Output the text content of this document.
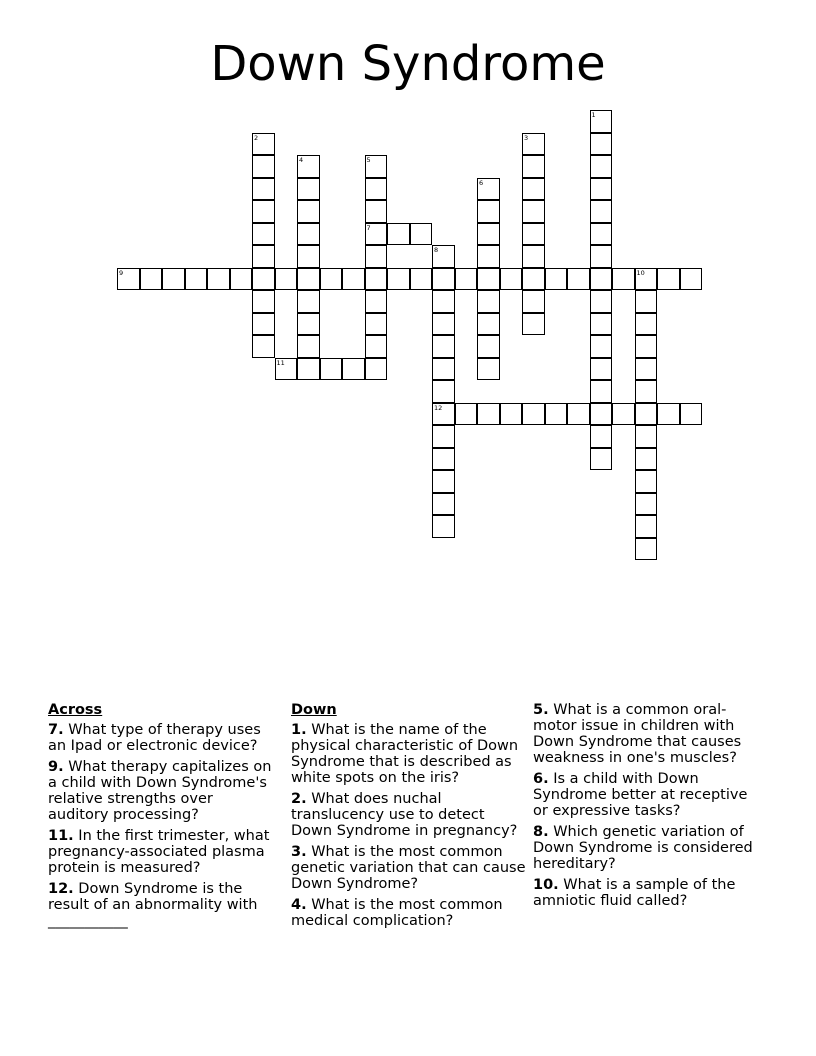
Down Syndrome
1
2	3
4	5
7
6
8
12
9	10
11
Across
7. What type of therapy uses an Ipad or electronic device?
9. What therapy capitalizes on a child with Down Syndrome's relative strengths over auditory processing?
11. In the first trimester, what pregnancy-associated plasma protein is measured?
12. Down Syndrome is the result of an abnormality with ___________
Down
1. What is the name of the physical characteristic of Down Syndrome that is described as white spots on the iris?
2. What does nuchal translucency use to detect Down Syndrome in pregnancy?
3. What is the most common genetic variation that can cause Down Syndrome?
4. What is the most common medical complication?
5. What is a common oral-motor issue in children with Down Syndrome that causes weakness in one's muscles?
6. Is a child with Down Syndrome better at receptive or expressive tasks?
8. Which genetic variation of Down Syndrome is considered hereditary?
10. What is a sample of the amniotic fluid called?
